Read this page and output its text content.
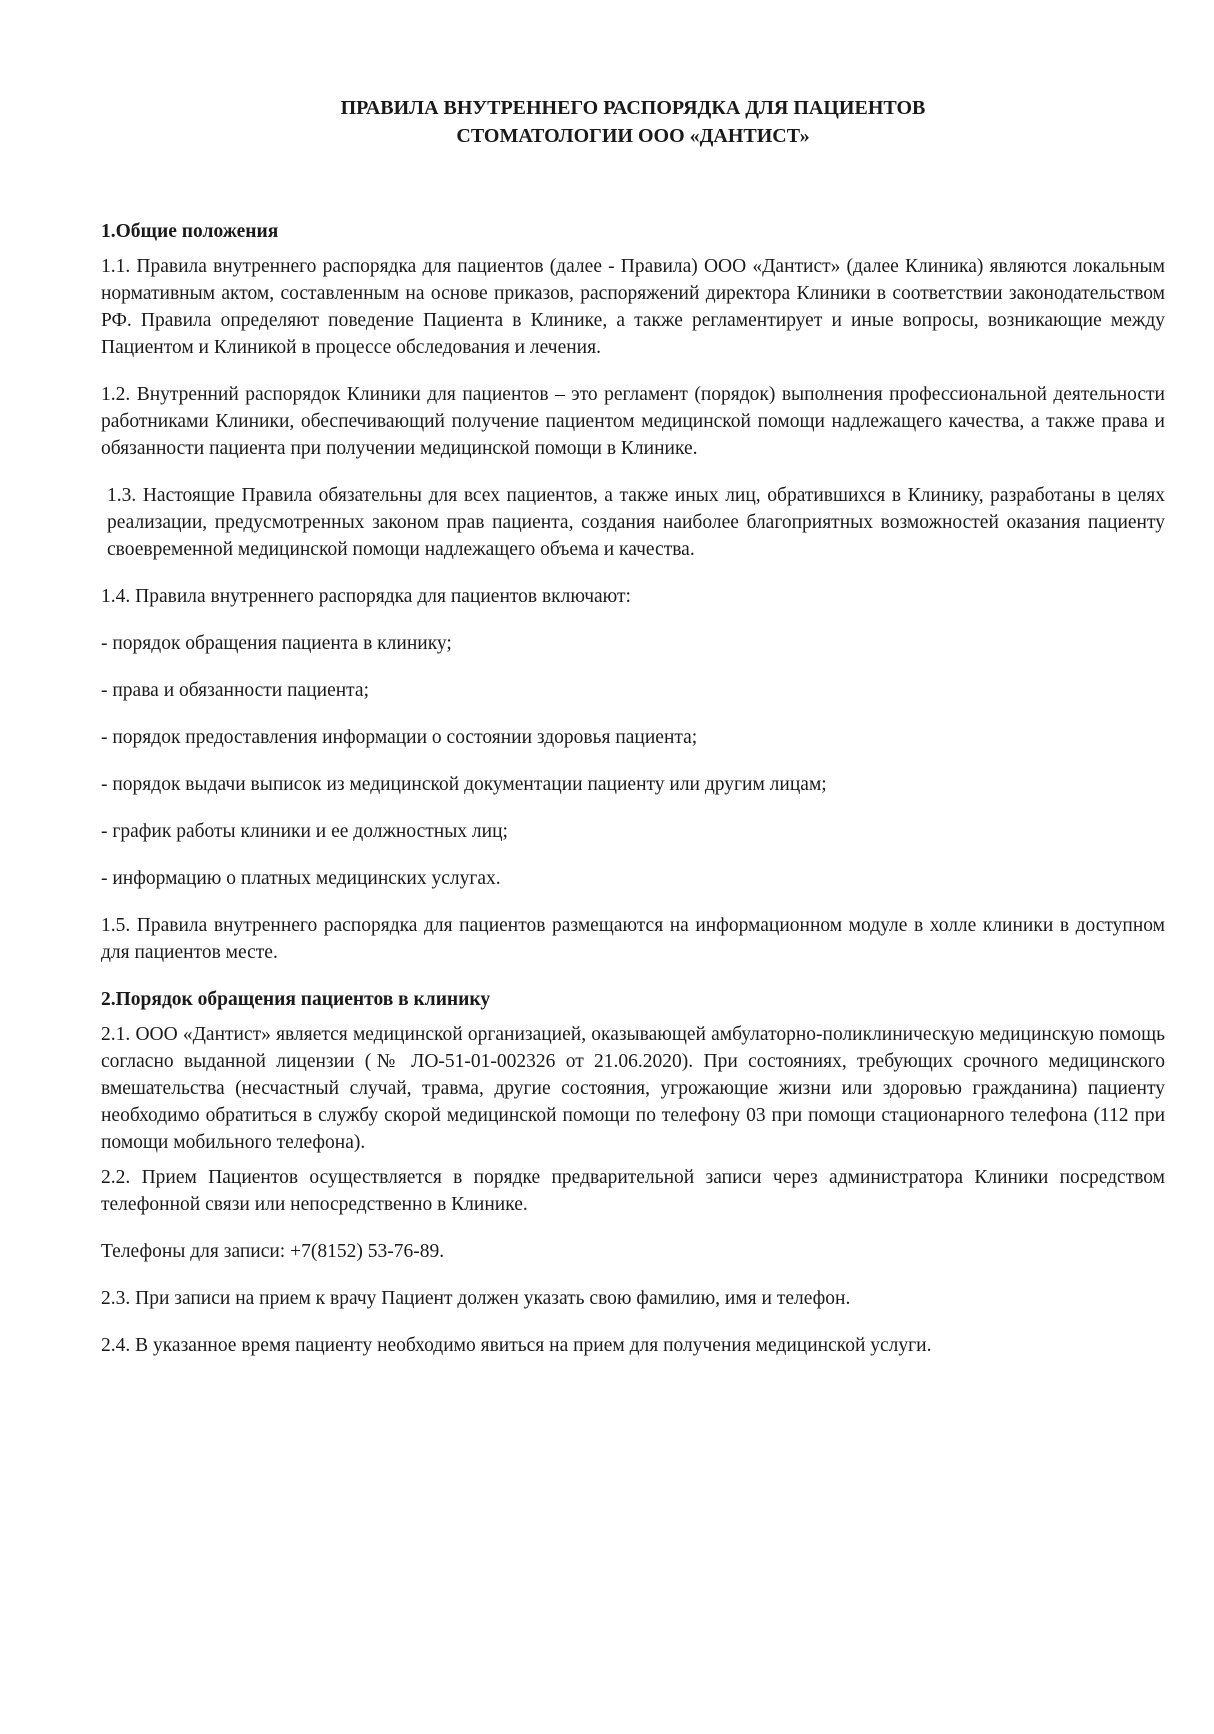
ПРАВИЛА ВНУТРЕННЕГО РАСПОРЯДКА ДЛЯ ПАЦИЕНТОВ

СТОМАТОЛОГИИ ООО «ДАНТИСТ»

1.Общие положения

1.1. Правила внутреннего распорядка для пациентов (далее - Правила) ООО «Дантист» (далее Клиника) являются локальным нормативным актом, составленным на основе приказов, распоряжений директора Клиники в соответствии законодательством РФ. Правила определяют поведение Пациента в Клинике, а также регламентирует и иные вопросы, возникающие между Пациентом и Клиникой в процессе обследования и лечения.

1.2. Внутренний распорядок Клиники для пациентов – это регламент (порядок) выполнения профессиональной деятельности работниками Клиники, обеспечивающий получение пациентом медицинской помощи надлежащего качества, а также права и обязанности пациента при получении медицинской помощи в Клинике.

1.3. Настоящие Правила обязательны для всех пациентов, а также иных лиц, обратившихся в Клинику, разработаны в целях реализации, предусмотренных законом прав пациента, создания наиболее благоприятных возможностей оказания пациенту своевременной медицинской помощи надлежащего объема и качества.

1.4. Правила внутреннего распорядка для пациентов включают:

- порядок обращения пациента в клинику;

- права и обязанности пациента;

- порядок предоставления информации о состоянии здоровья пациента;

- порядок выдачи выписок из медицинской документации пациенту или другим лицам;

- график работы клиники и ее должностных лиц;

- информацию о платных медицинских услугах.

1.5. Правила внутреннего распорядка для пациентов размещаются на информационном модуле в холле клиники в доступном для пациентов месте.

2.Порядок обращения пациентов в клинику

2.1. ООО «Дантист» является медицинской организацией, оказывающей амбулаторно-поликлиническую медицинскую помощь согласно выданной лицензии (№ ЛО-51-01-002326 от 21.06.2020). При состояниях, требующих срочного медицинского вмешательства (несчастный случай, травма, другие состояния, угрожающие жизни или здоровью гражданина) пациенту необходимо обратиться в службу скорой медицинской помощи по телефону 03 при помощи стационарного телефона (112 при помощи мобильного телефона).

2.2. Прием Пациентов осуществляется в порядке предварительной записи через администратора Клиники посредством телефонной связи или непосредственно в Клинике.

Телефоны для записи: +7(8152) 53-76-89.

2.3. При записи на прием к врачу Пациент должен указать свою фамилию, имя и телефон.

2.4. В указанное время пациенту необходимо явиться на прием для получения медицинской услуги.
